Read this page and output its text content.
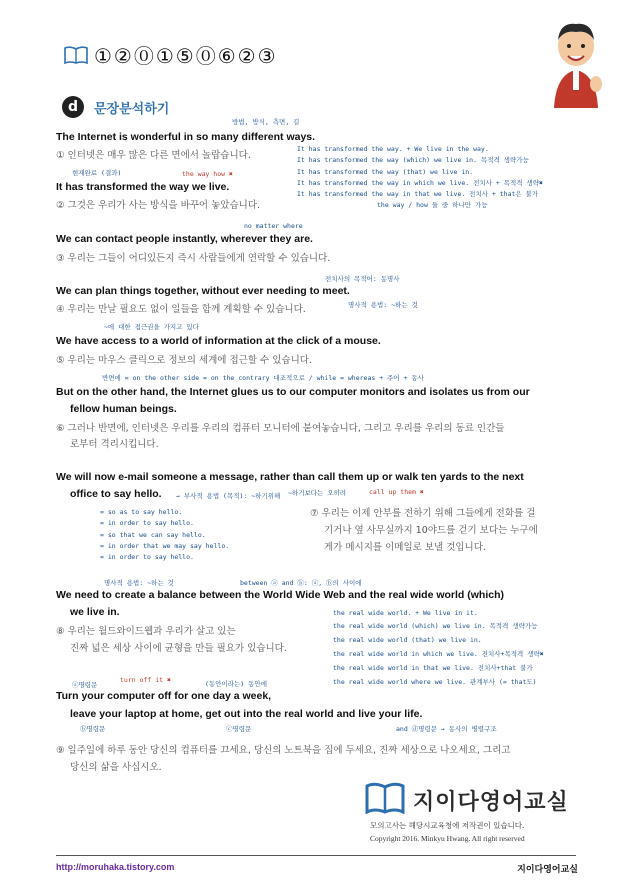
①②⓪①⑤⓪⑥②③
d	문장분석하기
방법, 방식, 측면, 길
The Internet is wonderful in so many different ways.
① 인터넷은 매우 많은 다른 면에서 놀랍습니다.
현재완료 (결과)	the way how ✖
It has transformed the way we live.
② 그것은 우리가 사는 방식을 바꾸어 놓았습니다.
It has transformed the way. + We live in the way.
It has transformed the way (which) we live in. 목적격 생략가능
It has transformed the way (that) we live in.
It has transformed the way in which we live. 전치사 + 목적격 생략✖
It has transformed the way in that we live. 전치사 + that은 불가
the way / how 둘 중 하나만 가능
no matter where
We can contact people instantly, wherever they are.
③ 우리는 그들이 어디있든지 즉시 사람들에게 연락할 수 있습니다.
전치사의 목적어: 동명사
We can plan things together, without ever needing to meet.
④ 우리는 만날 필요도 없이 일들을 함께 계획할 수 있습니다.	명사적 용법: ~하는 것
~에 대한 접근권을 가지고 있다
We have access to a world of information at the click of a mouse.
⑤ 우리는 마우스 클릭으로 정보의 세계에 접근할 수 있습니다.
반면에 = on the other side = on the contrary 대조적으로 / while = whereas + 주어 + 동사
But on the other hand, the Internet glues us to our computer monitors and isolates us from our
fellow human beings.
⑥ 그러나 반면에, 인터넷은 우리를 우리의 컴퓨터 모니터에 붙여놓습니다, 그리고 우리를 우리의 동료 인간들
로부터 격리시킵니다.
We will now e-mail someone a message, rather than call them up or walk ten yards to the next
office to say hello. → 부사적 용법 (목적): ~하기위해 ~하기보다는 오히려	call up them ✖
= so as to say hello.
= in order to say hello.
= so that we can say hello.
= in order that we may say hello.
= in order to say hello.
⑦ 우리는 이제 안부를 전하기 위해 그들에게 전화를 걸
기거나 옆 사무실까지 10야드를 걷기 보다는 누구에
게가 메시지를 이메일로 보낼 것입니다.
명사적 용법: ~하는 것	between ⓐ and ⓑ: ⓐ, ⓑ의 사이에
We need to create a balance between the World Wide Web and the real wide world (which)
we live in.
⑧ 우리는 월드와이드웹과 우리가 살고 있는
진짜 넓은 세상 사이에 균형을 만들 필요가 있습니다.
the real wide world. + We live in it.
the real wide world (which) we live in. 목적격 생략가능
the real wide world (that) we live in.
the real wide world in which we live. 전치사+목적격 생략✖
the real wide world in that we live. 전치사+that 불가
the real wide world where we live. 관계부사 (= that도)
ⓐ명령문
turn off it ✖	(동안이라는) 동안에
Turn your computer off for one day a week,
leave your laptop at home, get out into the real world and live your life.
ⓑ명령문	ⓒ명령문	and ⓓ명령문 → 동사의 병렬구조
⑨ 일주일에 하루 동안 당신의 컴퓨터를 끄세요, 당신의 노트북을 집에 두세요, 진짜 세상으로 나오세요, 그리고
당신의 삶을 사십시오.
지이다영어교실
모의고사는 해당시교육청에 저작권이 있습니다.
Copyright 2016. Minkyu Hwang. All right reserved
http://moruhaka.tistory.com	지이다영어교실
